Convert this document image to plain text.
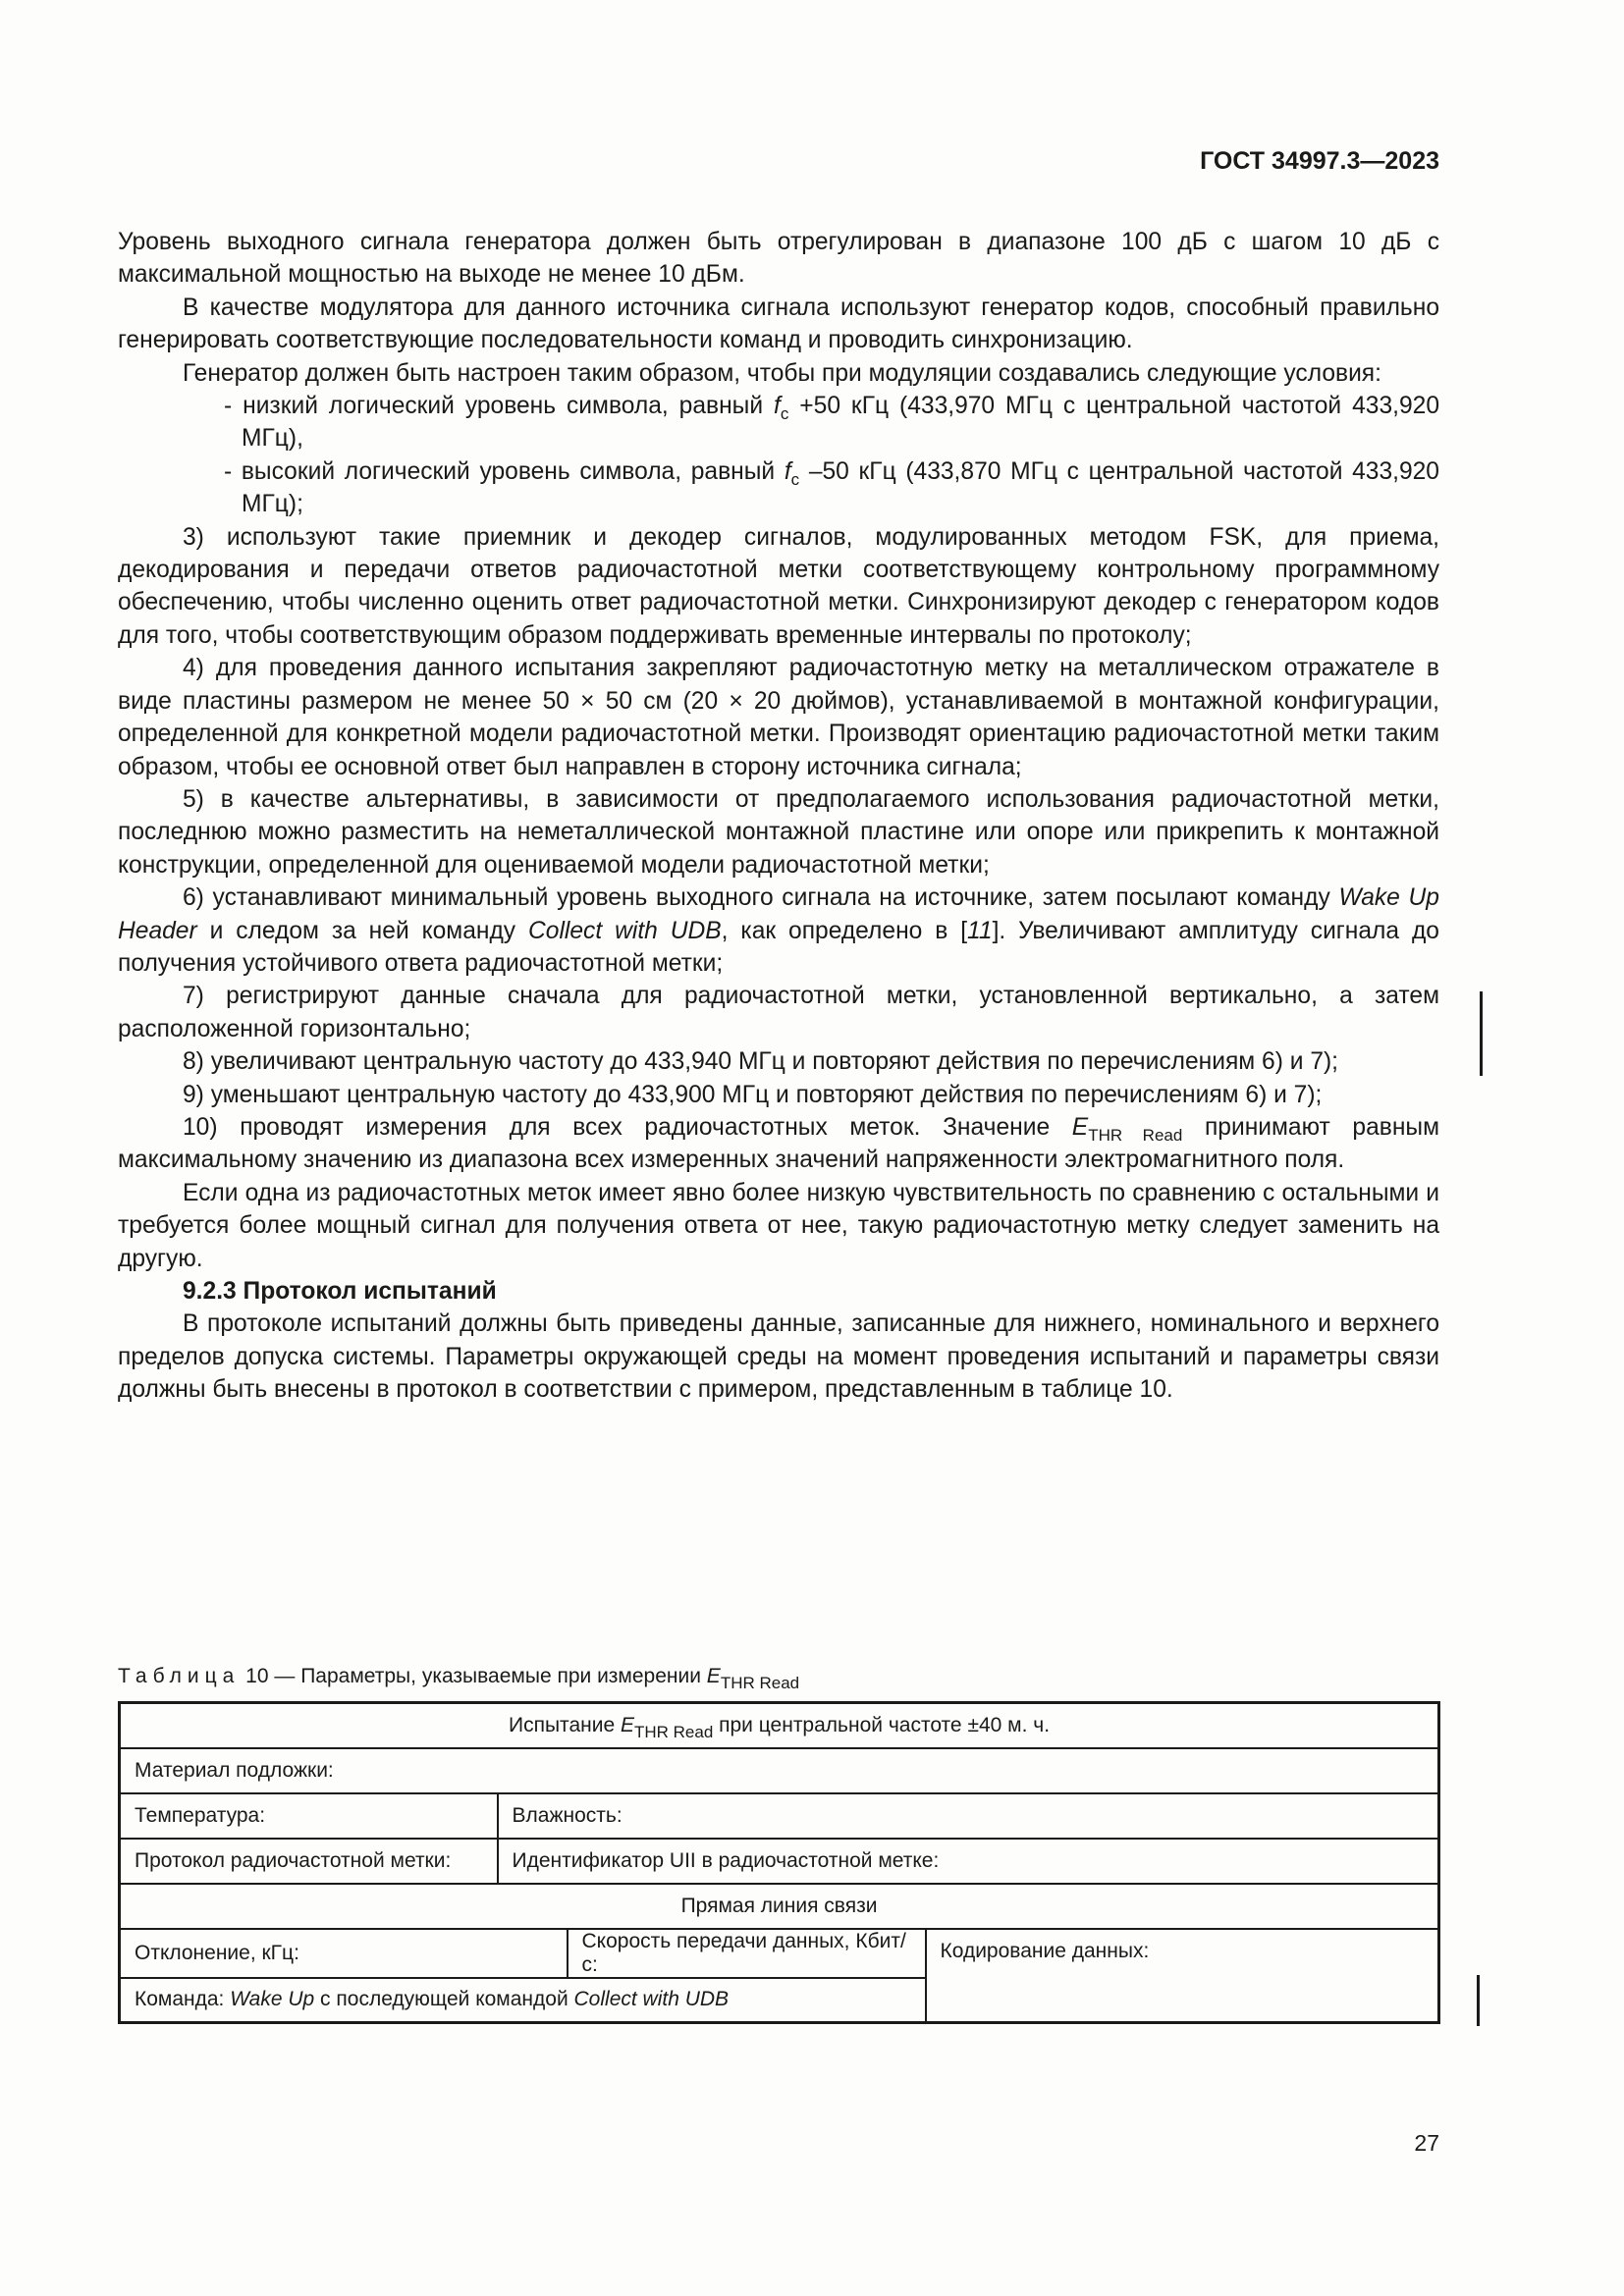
ГОСТ 34997.3—2023

Уровень выходного сигнала генератора должен быть отрегулирован в диапазоне 100 дБ с шагом 10 дБ с максимальной мощностью на выходе не менее 10 дБм.

В качестве модулятора для данного источника сигнала используют генератор кодов, способный правильно генерировать соответствующие последовательности команд и проводить синхронизацию.

Генератор должен быть настроен таким образом, чтобы при модуляции создавались следующие условия:

- низкий логический уровень символа, равный $f_c +50$ кГц (433,970 МГц с центральной частотой 433,920 МГц),

- высокий логический уровень символа, равный $f_c$ –50 кГц (433,870 МГц с центральной частотой 433,920 МГц);

3) используют такие приемник и декодер сигналов, модулированных методом FSK, для приема, декодирования и передачи ответов радиочастотной метки соответствующему контрольному программному обеспечению, чтобы численно оценить ответ радиочастотной метки. Синхронизируют декодер с генератором кодов для того, чтобы соответствующим образом поддерживать временные интервалы по протоколу;

4) для проведения данного испытания закрепляют радиочастотную метку на металлическом отражателе в виде пластины размером не менее 50 × 50 см (20 × 20 дюймов), устанавливаемой в монтажной конфигурации, определенной для конкретной модели радиочастотной метки. Производят ориентацию радиочастотной метки таким образом, чтобы ее основной ответ был направлен в сторону источника сигнала;

5) в качестве альтернативы, в зависимости от предполагаемого использования радиочастотной метки, последнюю можно разместить на неметаллической монтажной пластине или опоре или прикрепить к монтажной конструкции, определенной для оцениваемой модели радиочастотной метки;

6) устанавливают минимальный уровень выходного сигнала на источнике, затем посылают команду Wake Up Header и следом за ней команду Collect with UDB, как определено в [11]. Увеличивают амплитуду сигнала до получения устойчивого ответа радиочастотной метки;

7) регистрируют данные сначала для радиочастотной метки, установленной вертикально, а затем расположенной горизонтально;

8) увеличивают центральную частоту до 433,940 МГц и повторяют действия по перечислениям 6) и 7);

9) уменьшают центральную частоту до 433,900 МГц и повторяют действия по перечислениям 6) и 7);

10) проводят измерения для всех радиочастотных меток. Значение $E_{THR Read}$ принимают равным максимальному значению из диапазона всех измеренных значений напряженности электромагнитного поля.

Если одна из радиочастотных меток имеет явно более низкую чувствительность по сравнению с остальными и требуется более мощный сигнал для получения ответа от нее, такую радиочастотную метку следует заменить на другую.

9.2.3 Протокол испытаний

В протоколе испытаний должны быть приведены данные, записанные для нижнего, номинального и верхнего пределов допуска системы. Параметры окружающей среды на момент проведения испытаний и параметры связи должны быть внесены в протокол в соответствии с примером, представленным в таблице 10.

Таблица 10 — Параметры, указываемые при измерении $E_{THR Read}$
Испытание $E_{THR Read}$ при центральной частоте ±40 м. ч.			
Материал подложки:			
Температура:	Влажность:		
Протокол радиочастотной метки:	Идентификатор UII в радиочастотной метке:		
Прямая линия связи			
Отклонение, кГц:		Скорость передачи данных, Кбит/с:	Кодирование данных:
Команда: Wake Up с последующей командой Collect with UDB			
27
